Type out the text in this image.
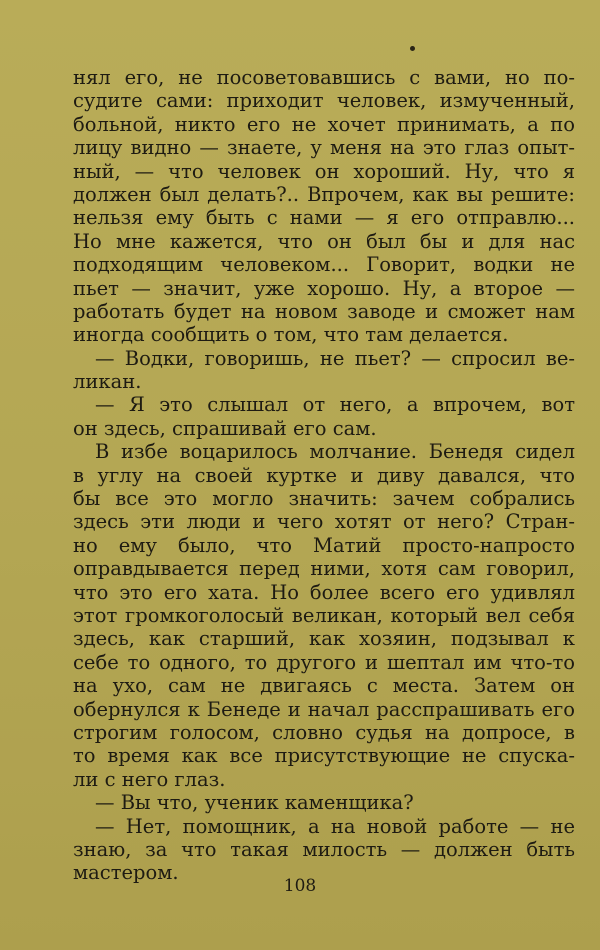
нял его, не посоветовавшись с вами, но по-
судите сами: приходит человек, измученный,
больной, никто его не хочет принимать, а по
лицу видно — знаете, у меня на это глаз опыт-
ный, — что человек он хороший. Ну, что я
должен был делать?.. Впрочем, как вы решите:
нельзя ему быть с нами — я его отправлю...
Но мне кажется, что он был бы и для нас
подходящим человеком... Говорит, водки не
пьет — значит, уже хорошо. Ну, а второе —
работать будет на новом заводе и сможет нам
иногда сообщить о том, что там делается.
— Водки, говоришь, не пьет? — спросил ве-
ликан.
— Я это слышал от него, а впрочем, вот
он здесь, спрашивай его сам.
В избе воцарилось молчание. Бенедя сидел
в углу на своей куртке и диву давался, что
бы все это могло значить: зачем собрались
здесь эти люди и чего хотят от него? Стран-
но ему было, что Матий просто-напросто
оправдывается перед ними, хотя сам говорил,
что это его хата. Но более всего его удивлял
этот громкоголосый великан, который вел себя
здесь, как старший, как хозяин, подзывал к
себе то одного, то другого и шептал им что-то
на ухо, сам не двигаясь с места. Затем он
обернулся к Бенеде и начал расспрашивать его
строгим голосом, словно судья на допросе, в
то время как все присутствующие не спуска-
ли с него глаз.
— Вы что, ученик каменщика?
— Нет, помощник, а на новой работе — не
знаю, за что такая милость — должен быть
мастером.
108
